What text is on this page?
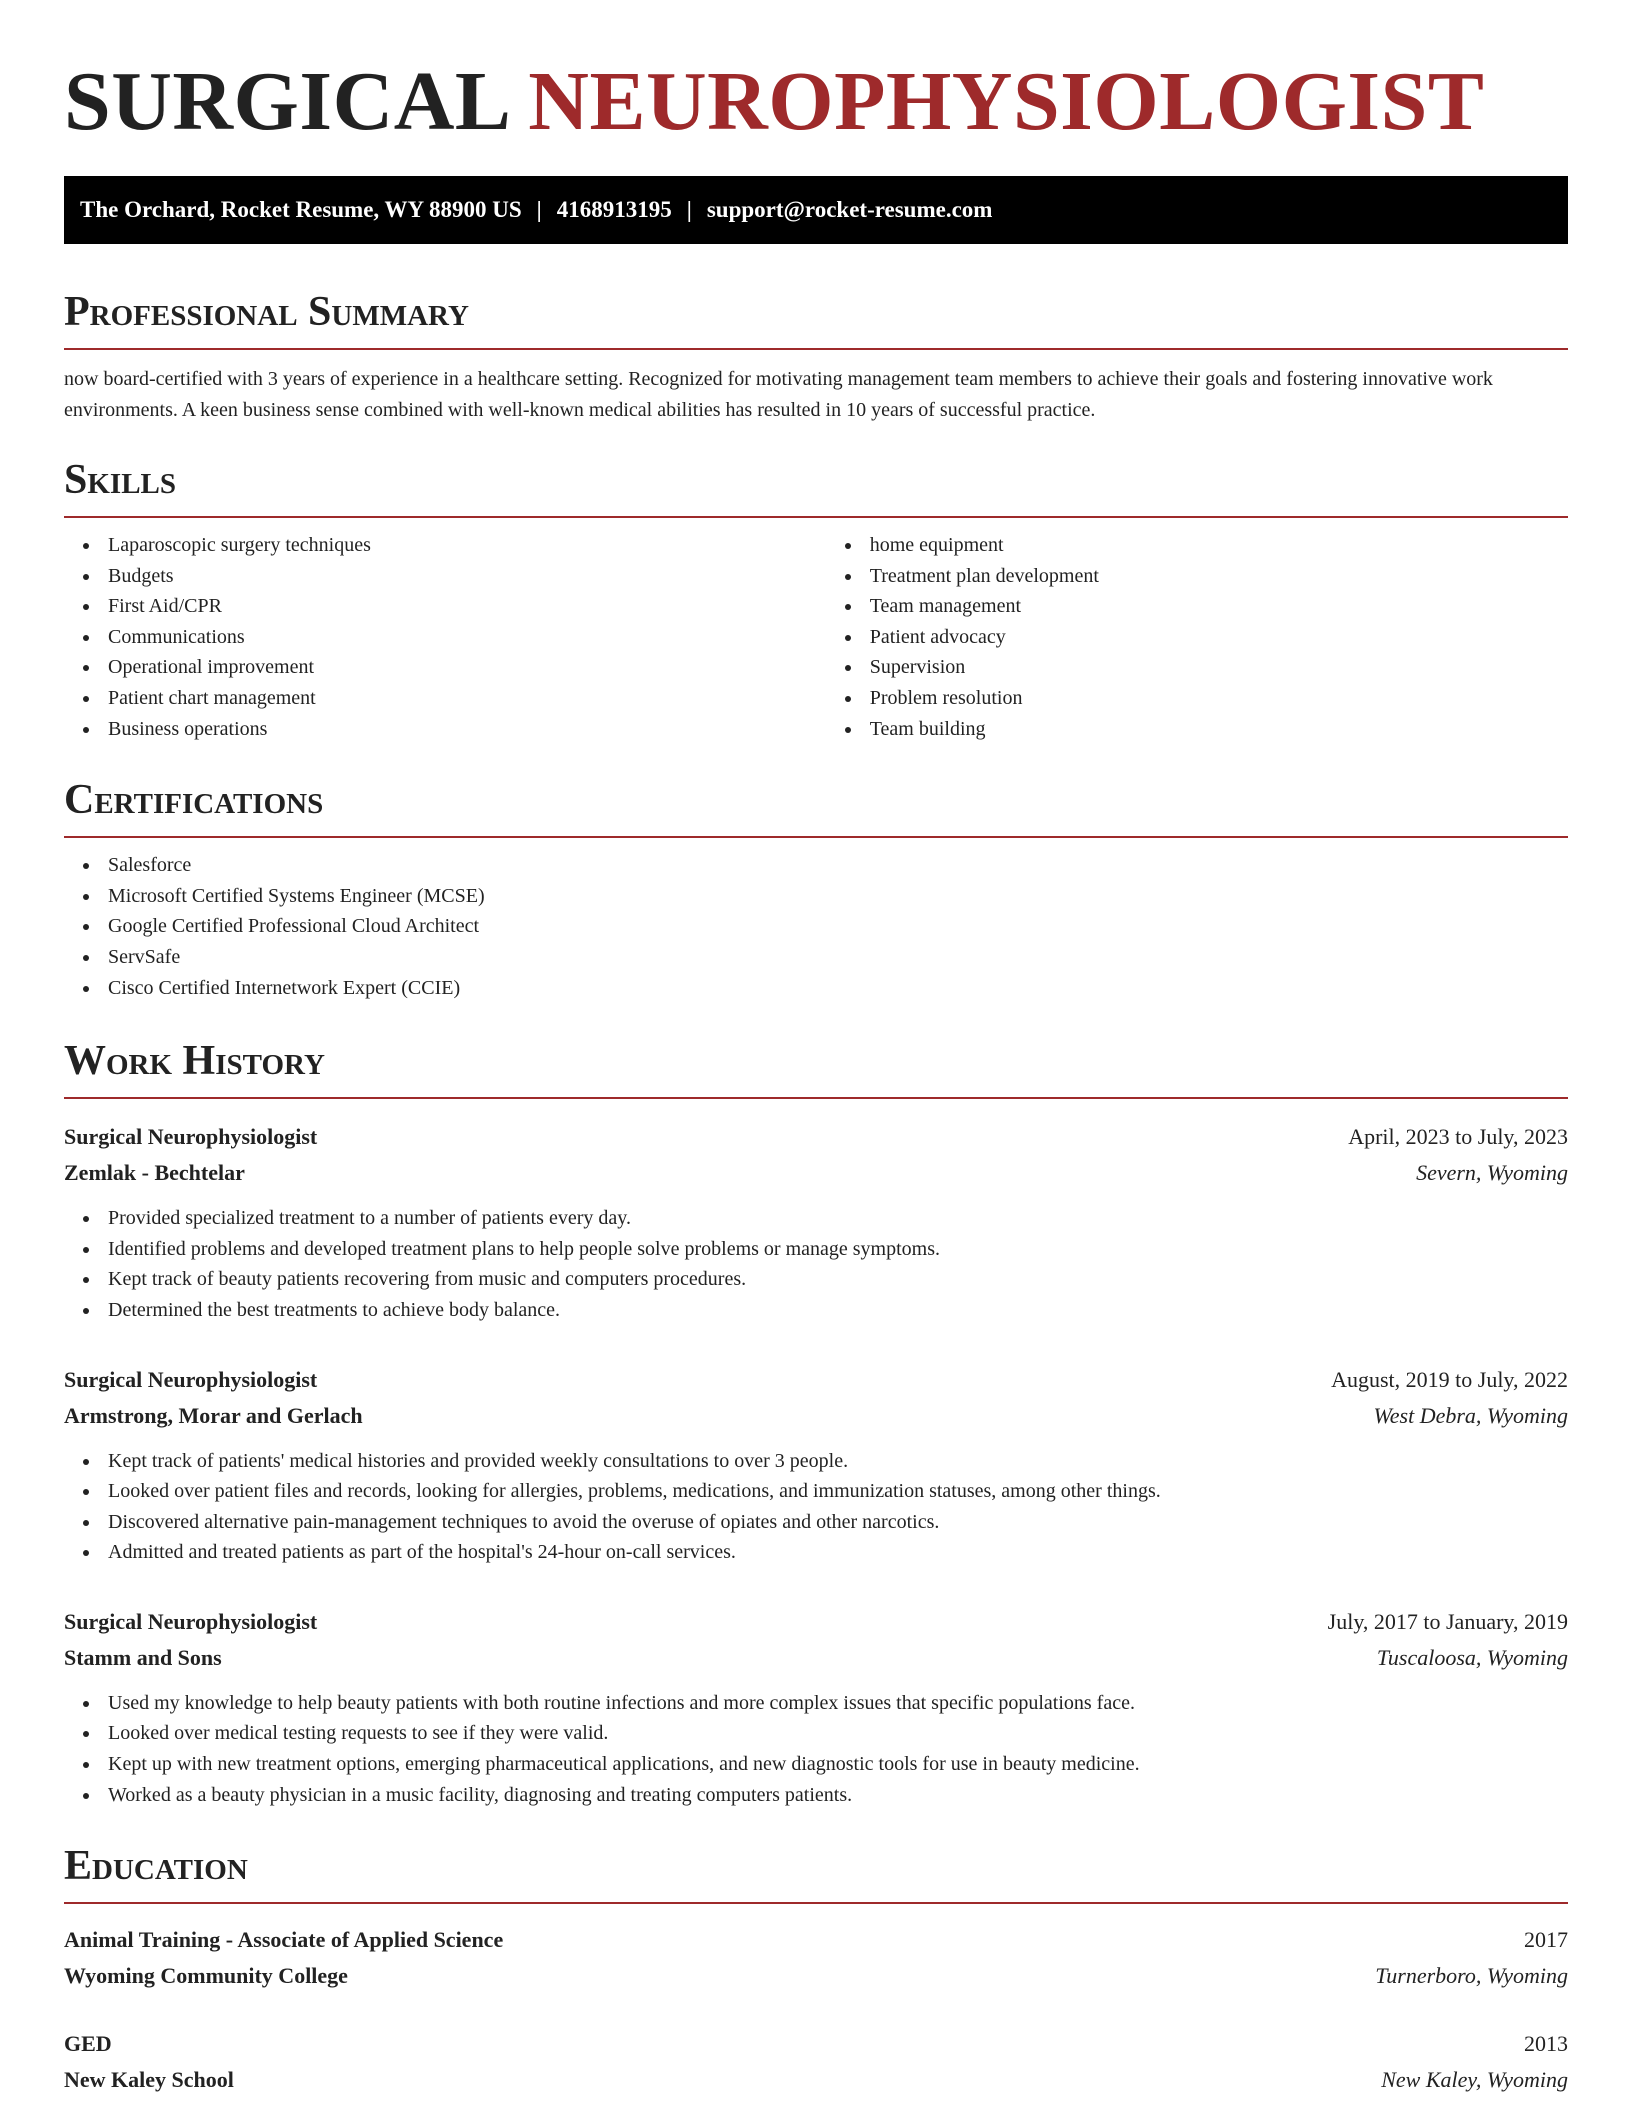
SURGICAL NEUROPHYSIOLOGIST
The Orchard, Rocket Resume, WY 88900 US | 4168913195 | support@rocket-resume.com
Professional Summary

now board-certified with 3 years of experience in a healthcare setting. Recognized for motivating management team members to achieve their goals and fostering innovative work environments. A keen business sense combined with well-known medical abilities has resulted in 10 years of successful practice.

Skills
Laparoscopic surgery techniques
Budgets
First Aid/CPR
Communications
Operational improvement
Patient chart management
Business operations
home equipment
Treatment plan development
Team management
Patient advocacy
Supervision
Problem resolution
Team building
Certifications
Salesforce
Microsoft Certified Systems Engineer (MCSE)
Google Certified Professional Cloud Architect
ServSafe
Cisco Certified Internetwork Expert (CCIE)
Work History
Surgical Neurophysiologist	April, 2023 to July, 2023
Zemlak - Bechtelar	Severn, Wyoming
Provided specialized treatment to a number of patients every day.
Identified problems and developed treatment plans to help people solve problems or manage symptoms.
Kept track of beauty patients recovering from music and computers procedures.
Determined the best treatments to achieve body balance.
Surgical Neurophysiologist	August, 2019 to July, 2022
Armstrong, Morar and Gerlach	West Debra, Wyoming
Kept track of patients' medical histories and provided weekly consultations to over 3 people.
Looked over patient files and records, looking for allergies, problems, medications, and immunization statuses, among other things.
Discovered alternative pain-management techniques to avoid the overuse of opiates and other narcotics.
Admitted and treated patients as part of the hospital's 24-hour on-call services.
Surgical Neurophysiologist	July, 2017 to January, 2019
Stamm and Sons	Tuscaloosa, Wyoming
Used my knowledge to help beauty patients with both routine infections and more complex issues that specific populations face.
Looked over medical testing requests to see if they were valid.
Kept up with new treatment options, emerging pharmaceutical applications, and new diagnostic tools for use in beauty medicine.
Worked as a beauty physician in a music facility, diagnosing and treating computers patients.
Education
Animal Training - Associate of Applied Science	2017
Wyoming Community College	Turnerboro, Wyoming
GED	2013
New Kaley School	New Kaley, Wyoming
